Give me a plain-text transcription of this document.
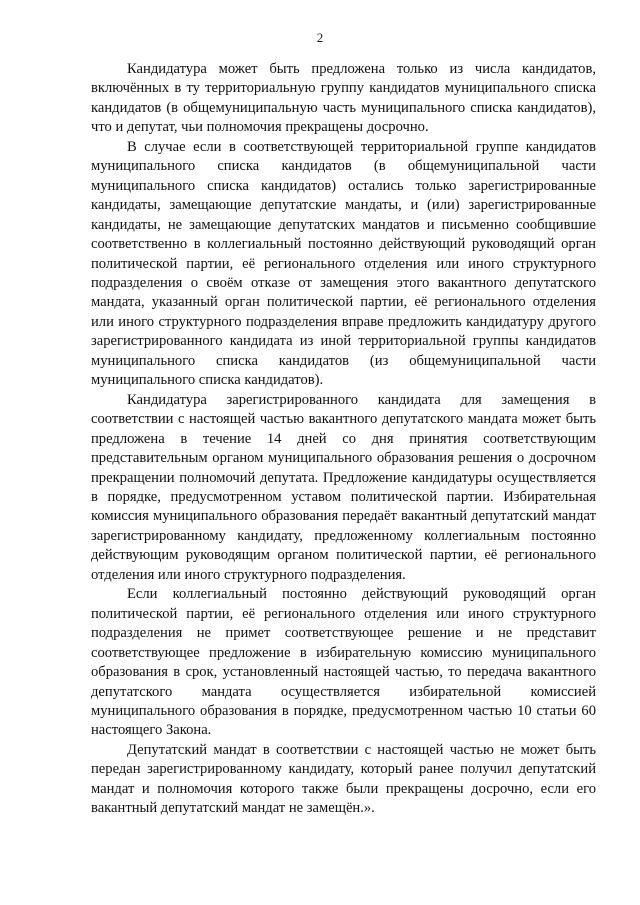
2

Кандидатура может быть предложена только из числа кандидатов, включённых в ту территориальную группу кандидатов муниципального списка кандидатов (в общемуниципальную часть муниципального списка кандидатов), что и депутат, чьи полномочия прекращены досрочно.

В случае если в соответствующей территориальной группе кандидатов муниципального списка кандидатов (в общемуниципальной части муниципального списка кандидатов) остались только зарегистрированные кандидаты, замещающие депутатские мандаты, и (или) зарегистрированные кандидаты, не замещающие депутатских мандатов и письменно сообщившие соответственно в коллегиальный постоянно действующий руководящий орган политической партии, её регионального отделения или иного структурного подразделения о своём отказе от замещения этого вакантного депутатского мандата, указанный орган политической партии, её регионального отделения или иного структурного подразделения вправе предложить кандидатуру другого зарегистрированного кандидата из иной территориальной группы кандидатов муниципального списка кандидатов (из общемуниципальной части муниципального списка кандидатов).

Кандидатура зарегистрированного кандидата для замещения в соответствии с настоящей частью вакантного депутатского мандата может быть предложена в течение 14 дней со дня принятия соответствующим представительным органом муниципального образования решения о досрочном прекращении полномочий депутата. Предложение кандидатуры осуществляется в порядке, предусмотренном уставом политической партии. Избирательная комиссия муниципального образования передаёт вакантный депутатский мандат зарегистрированному кандидату, предложенному коллегиальным постоянно действующим руководящим органом политической партии, её регионального отделения или иного структурного подразделения.

Если коллегиальный постоянно действующий руководящий орган политической партии, её регионального отделения или иного структурного подразделения не примет соответствующее решение и не представит соответствующее предложение в избирательную комиссию муниципального образования в срок, установленный настоящей частью, то передача вакантного депутатского мандата осуществляется избирательной комиссией муниципального образования в порядке, предусмотренном частью 10 статьи 60 настоящего Закона.

Депутатский мандат в соответствии с настоящей частью не может быть передан зарегистрированному кандидату, который ранее получил депутатский мандат и полномочия которого также были прекращены досрочно, если его вакантный депутатский мандат не замещён.».
